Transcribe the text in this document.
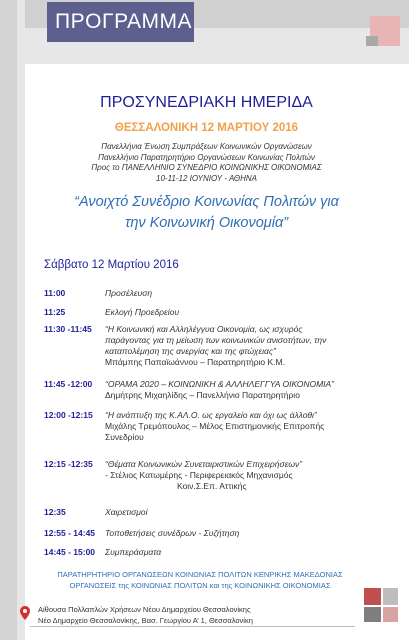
ΠΡΟΓΡΑΜΜΑ
ΠΡΟΣΥΝΕΔΡΙΑΚΗ ΗΜΕΡΙΔΑ
ΘΕΣΣΑΛΟΝΙΚΗ 12 ΜΑΡΤΙΟΥ 2016
Πανελλήνια Ένωση Συμπράξεων Κοινωνικών Οργανώσεων
Πανελλήνιο Παρατηρητήριο Οργανώσεων Κοινωνίας Πολιτών
Προς το ΠΑΝΕΛΛΗΝΙΟ ΣΥΝΕΔΡΙΟ ΚΟΙΝΩΝΙΚΗΣ ΟΙΚΟΝΟΜΙΑΣ
10-11-12 ΙΟΥΝΙΟΥ - ΑΘΗΝΑ
“Ανοιχτό Συνέδριο Κοινωνίας Πολιτών για
την Κοινωνική Οικονομία”
Σάββατο 12 Μαρτίου 2016
11:00	Προσέλευση
11:25	Εκλογή Προεδρείου
11:30 -11:45 “Η Κοινωνική και Αλληλέγγυα Οικονομία, ως ισχυρός
παράγοντας για τη μείωση των κοινωνικών ανισοτήτων, την
καταπολέμηση της ανεργίας και της φτώχειας”
Μπάμπης Παπαϊωάννου – Παρατηρητήριο Κ.Μ.
11:45 -12:00 “ΟΡΑΜΑ 2020 – ΚΟΙΝΩΝΙΚΗ & ΑΛΛΗΛΕΓΓΥΑ ΟΙΚΟΝΟΜΙΑ”
Δημήτρης Μιχαηλίδης – Πανελλήνιο Παρατηρητήριο
12:00 -12:15 “Η ανάπτυξη της Κ.ΑΛ.Ο. ως εργαλείο και όχι ως άλλοθι”
Μιχάλης Τρεμόπουλος – Μέλος Επιστημονικής Επιτροπής
Συνεδρίου
12:15 -12:35 “Θέματα Κοινωνικών Συνεταιριστικών Επιχειρήσεων”
- Στέλιος Κατωμέρης - Περιφερειακός Μηχανισμός
Κοιν.Σ.Επ. Αττικής
12:35	Χαιρετισμοί
12:55 - 14:45 Τοποθετήσεις συνέδρων - Συζήτηση
14:45 - 15:00 Συμπεράσματα
ΠΑΡΑΤΗΡΗΤΗΡΙΟ ΟΡΓΑΝΩΣΕΩΝ ΚΟΙΝΩΝΙΑΣ ΠΟΛΙΤΩΝ ΚΕΝΡΙΚΗΣ ΜΑΚΕΔΟΝΙΑΣ
ΟΡΓΑΝΩΣΕΙΣ της ΚΟΙΝΩΝΙΑΣ ΠΟΛΙΤΩΝ και της ΚΟΙΝΩΝΙΚΗΣ ΟΙΚΟΝΟΜΙΑΣ
Αίθουσα Πολλαπλών Χρήσεων Νέου Δημαρχείου Θεσσαλονίκης
Νέο Δημαρχείο Θεσσαλονίκης, Βασ. Γεωργίου Α’ 1, Θεσσαλονίκη
